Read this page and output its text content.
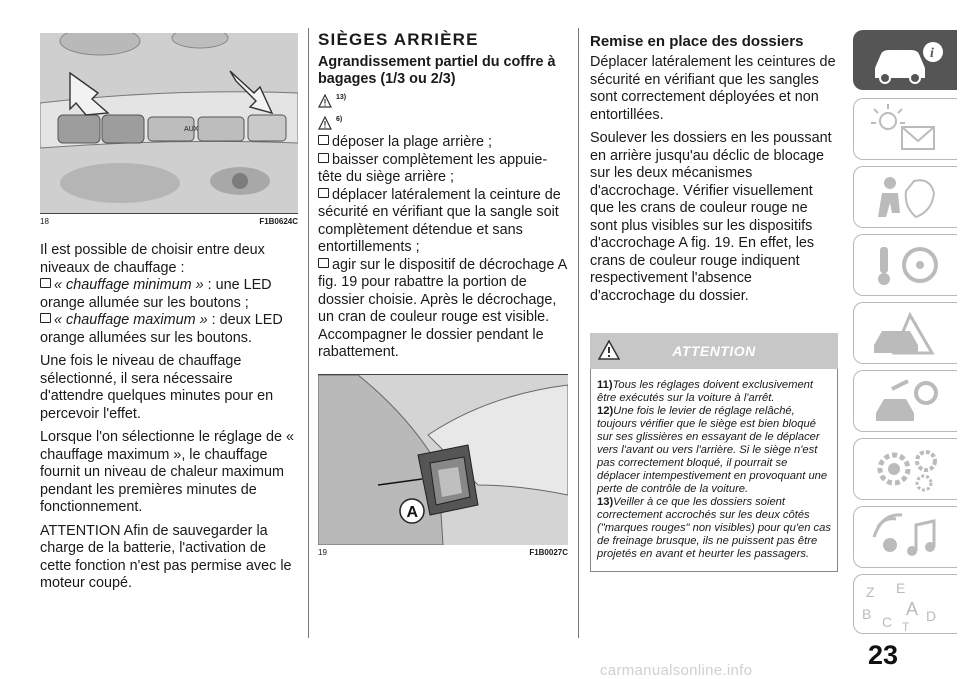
AUX
18	F1B0624C

Il est possible de choisir entre deux niveaux de chauffage :

« chauffage minimum » : une LED orange allumée sur les boutons ;

« chauffage maximum » : deux LED orange allumées sur les boutons.

Une fois le niveau de chauffage sélectionné, il sera nécessaire d'attendre quelques minutes pour en percevoir l'effet.

Lorsque l'on sélectionne le réglage de « chauffage maximum », le chauffage fournit un niveau de chaleur maximum pendant les premières minutes de fonctionnement.

ATTENTION Afin de sauvegarder la charge de la batterie, l'activation de cette fonction n'est pas permise avec le moteur coupé.

SIÈGES ARRIÈRE
Agrandissement partiel du coffre à bagages (1/3 ou 2/3)
13)
6)

déposer la plage arrière ;

baisser complètement les appuie-tête du siège arrière ;

déplacer latéralement la ceinture de sécurité en vérifiant que la sangle soit complètement détendue et sans entortillements ;

agir sur le dispositif de décrochage A fig. 19 pour rabattre la portion de dossier choisie. Après le décrochage, un cran de couleur rouge est visible. Accompagner le dossier pendant le rabattement.

A
19	F1B0027C
Remise en place des dossiers

Déplacer latéralement les ceintures de sécurité en vérifiant que les sangles sont correctement déployées et non entortillées.

Soulever les dossiers en les poussant en arrière jusqu'au déclic de blocage sur les deux mécanismes d'accrochage. Vérifier visuellement que les crans de couleur rouge ne sont plus visibles sur les dispositifs d'accrochage A fig. 19. En effet, les crans de couleur rouge indiquent respectivement l'absence d'accrochage du dossier.

ATTENTION

11)Tous les réglages doivent exclusivement être exécutés sur la voiture à l'arrêt.

12)Une fois le levier de réglage relâché, toujours vérifier que le siège est bien bloqué sur ses glissières en essayant de le déplacer vers l'avant ou vers l'arrière. Si le siège n'est pas correctement bloqué, il pourrait se déplacer intempestivement en provoquant une perte de contrôle de la voiture.

13)Veiller à ce que les dossiers soient correctement accrochés sur les deux côtés ("marques rouges" non visibles) pour qu'en cas de freinage brusque, ils ne puissent pas être projetés en avant et heurter les passagers.

i
Z E
B A D
C T
23
carmanualsonline.info
